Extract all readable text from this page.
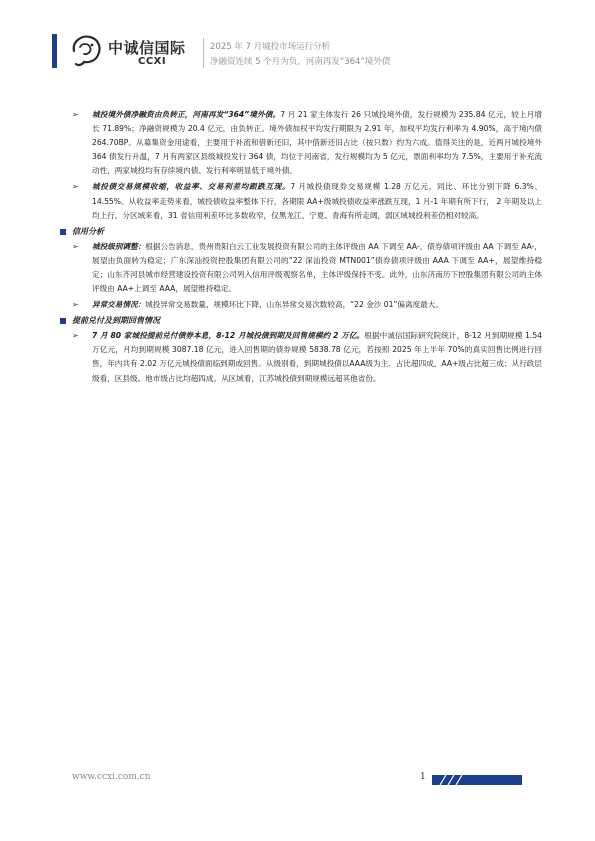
中诚信国际
CCXI
2025 年 7 月城投市场运行分析
净融资连续 5 个月为负，河南再发“364”境外债
➢ 城投境外债净融资由负转正，河南再发“364”境外债。7 月 21 家主体发行 26 只城投境外债，发行规模为 235.84 亿元，较上月增长 71.89%；净融资规模为 20.4 亿元，由负转正。境外债加权平均发行期限为 2.91 年，加权平均发行利率为 4.90%，高于境内债 264.70BP。从募集资金用途看，主要用于补流和借新还旧，其中借新还旧占比（按只数）约为六成。值得关注的是，近两月城投境外 364 债发行升温，7 月有两家区县级城投发行 364 债，均位于河南省，发行规模均为 5 亿元，票面利率均为 7.5%，主要用于补充流动性，两家城投均有存续境内债、发行利率明显低于境外债。
➢ 城投债交易规模收缩，收益率、交易利差均跟跌互现。7 月城投债现券交易规模 1.28 万亿元，同比、环比分别下降 6.3%、14.55%。从收益率走势来看，城投债收益率整体下行，各期限 AA+级城投债收益率涨跌互现，1 月-1 年期有所下行， 2 年期及以上均上行。分区域来看，31 省信用利差环比多数收窄，仅黑龙江、宁夏、青海有所走阔，弱区域城投利差仍相对较高。
信用分析
➢ 城投级别调整：根据公告消息，贵州贵阳白云工业发展投资有限公司的主体评级由 AA 下调至 AA-，债券债项评级由 AA 下调至 AA-，展望由负面转为稳定；广东深汕投资控股集团有限公司的“22 深汕投资 MTN001”债券债项评级由 AAA 下调至 AA+，展望维持稳定；山东齐河县城市经营建设投资有限公司列入信用评级观察名单，主体评级保持不变。此外，山东济南历下控股集团有限公司的主体评级由 AA+上调至 AAA，展望维持稳定。
➢ 异常交易情况：城投异常交易数量、规模环比下降，山东异常交易次数较高，“22 金沙 01”偏离度最大。
提前兑付及到期回售情况
➢ 7 月 80 家城投提前兑付债券本息，8-12 月城投债到期及回售规模约 2 万亿。根据中诚信国际研究院统计，8-12 月到期规模 1.54 万亿元，月均到期规模 3087.18 亿元，进入回售期的债券规模 5838.78 亿元，若按照 2025 年上半年 70%的真实回售比例进行回售，年内共有 2.02 万亿元城投债面临到期或回售。从级别看，到期城投债以AAA级为主、占比超四成，AA+级占比超三成；从行政层级看，区县级、地市级占比均超四成。从区域看，江苏城投债到期规模远超其他省份。
www.ccxi.com.cn	1
